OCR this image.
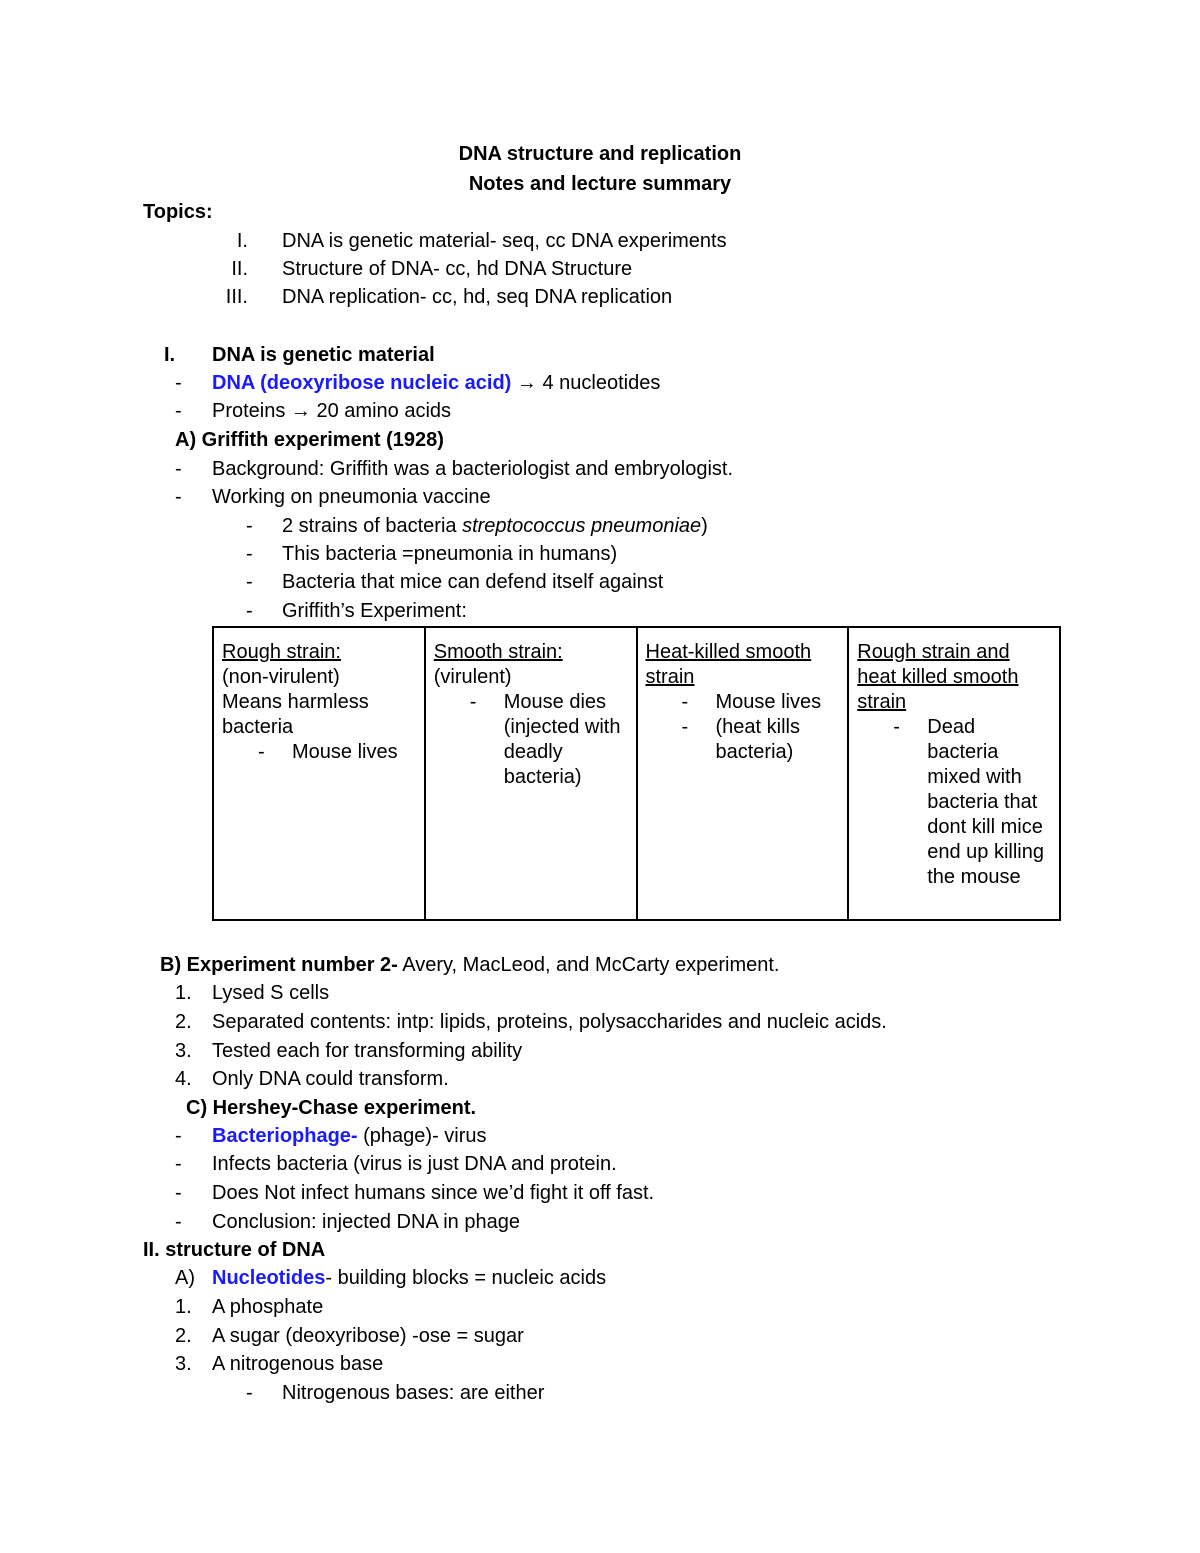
DNA structure and replication
Notes and lecture summary
Topics:
I. DNA is genetic material- seq, cc DNA experiments
II. Structure of DNA- cc, hd DNA Structure
III. DNA replication- cc, hd, seq DNA replication
I. DNA is genetic material
- DNA (deoxyribose nucleic acid) → 4 nucleotides
- Proteins → 20 amino acids
A) Griffith experiment (1928)
- Background: Griffith was a bacteriologist and embryologist.
- Working on pneumonia vaccine
- 2 strains of bacteria streptococcus pneumoniae)
- This bacteria =pneumonia in humans)
- Bacteria that mice can defend itself against
- Griffith’s Experiment:
Rough strain:
(non-virulent)
Means harmless
bacteria
- Mouse lives

Smooth strain:
(virulent)
- Mouse dies (injected with deadly bacteria)

Heat-killed smooth strain
- Mouse lives
- (heat kills bacteria)

Rough strain and heat killed smooth strain
- Dead bacteria mixed with bacteria that dont kill mice end up killing the mouse
B) Experiment number 2- Avery, MacLeod, and McCarty experiment.
1. Lysed S cells
2. Separated contents: intp: lipids, proteins, polysaccharides and nucleic acids.
3. Tested each for transforming ability
4. Only DNA could transform.
C) Hershey-Chase experiment.
- Bacteriophage- (phage)- virus
- Infects bacteria (virus is just DNA and protein.
- Does Not infect humans since we’d fight it off fast.
- Conclusion: injected DNA in phage
II. structure of DNA
A) Nucleotides- building blocks = nucleic acids
1. A phosphate
2. A sugar (deoxyribose) -ose = sugar
3. A nitrogenous base
- Nitrogenous bases: are either
